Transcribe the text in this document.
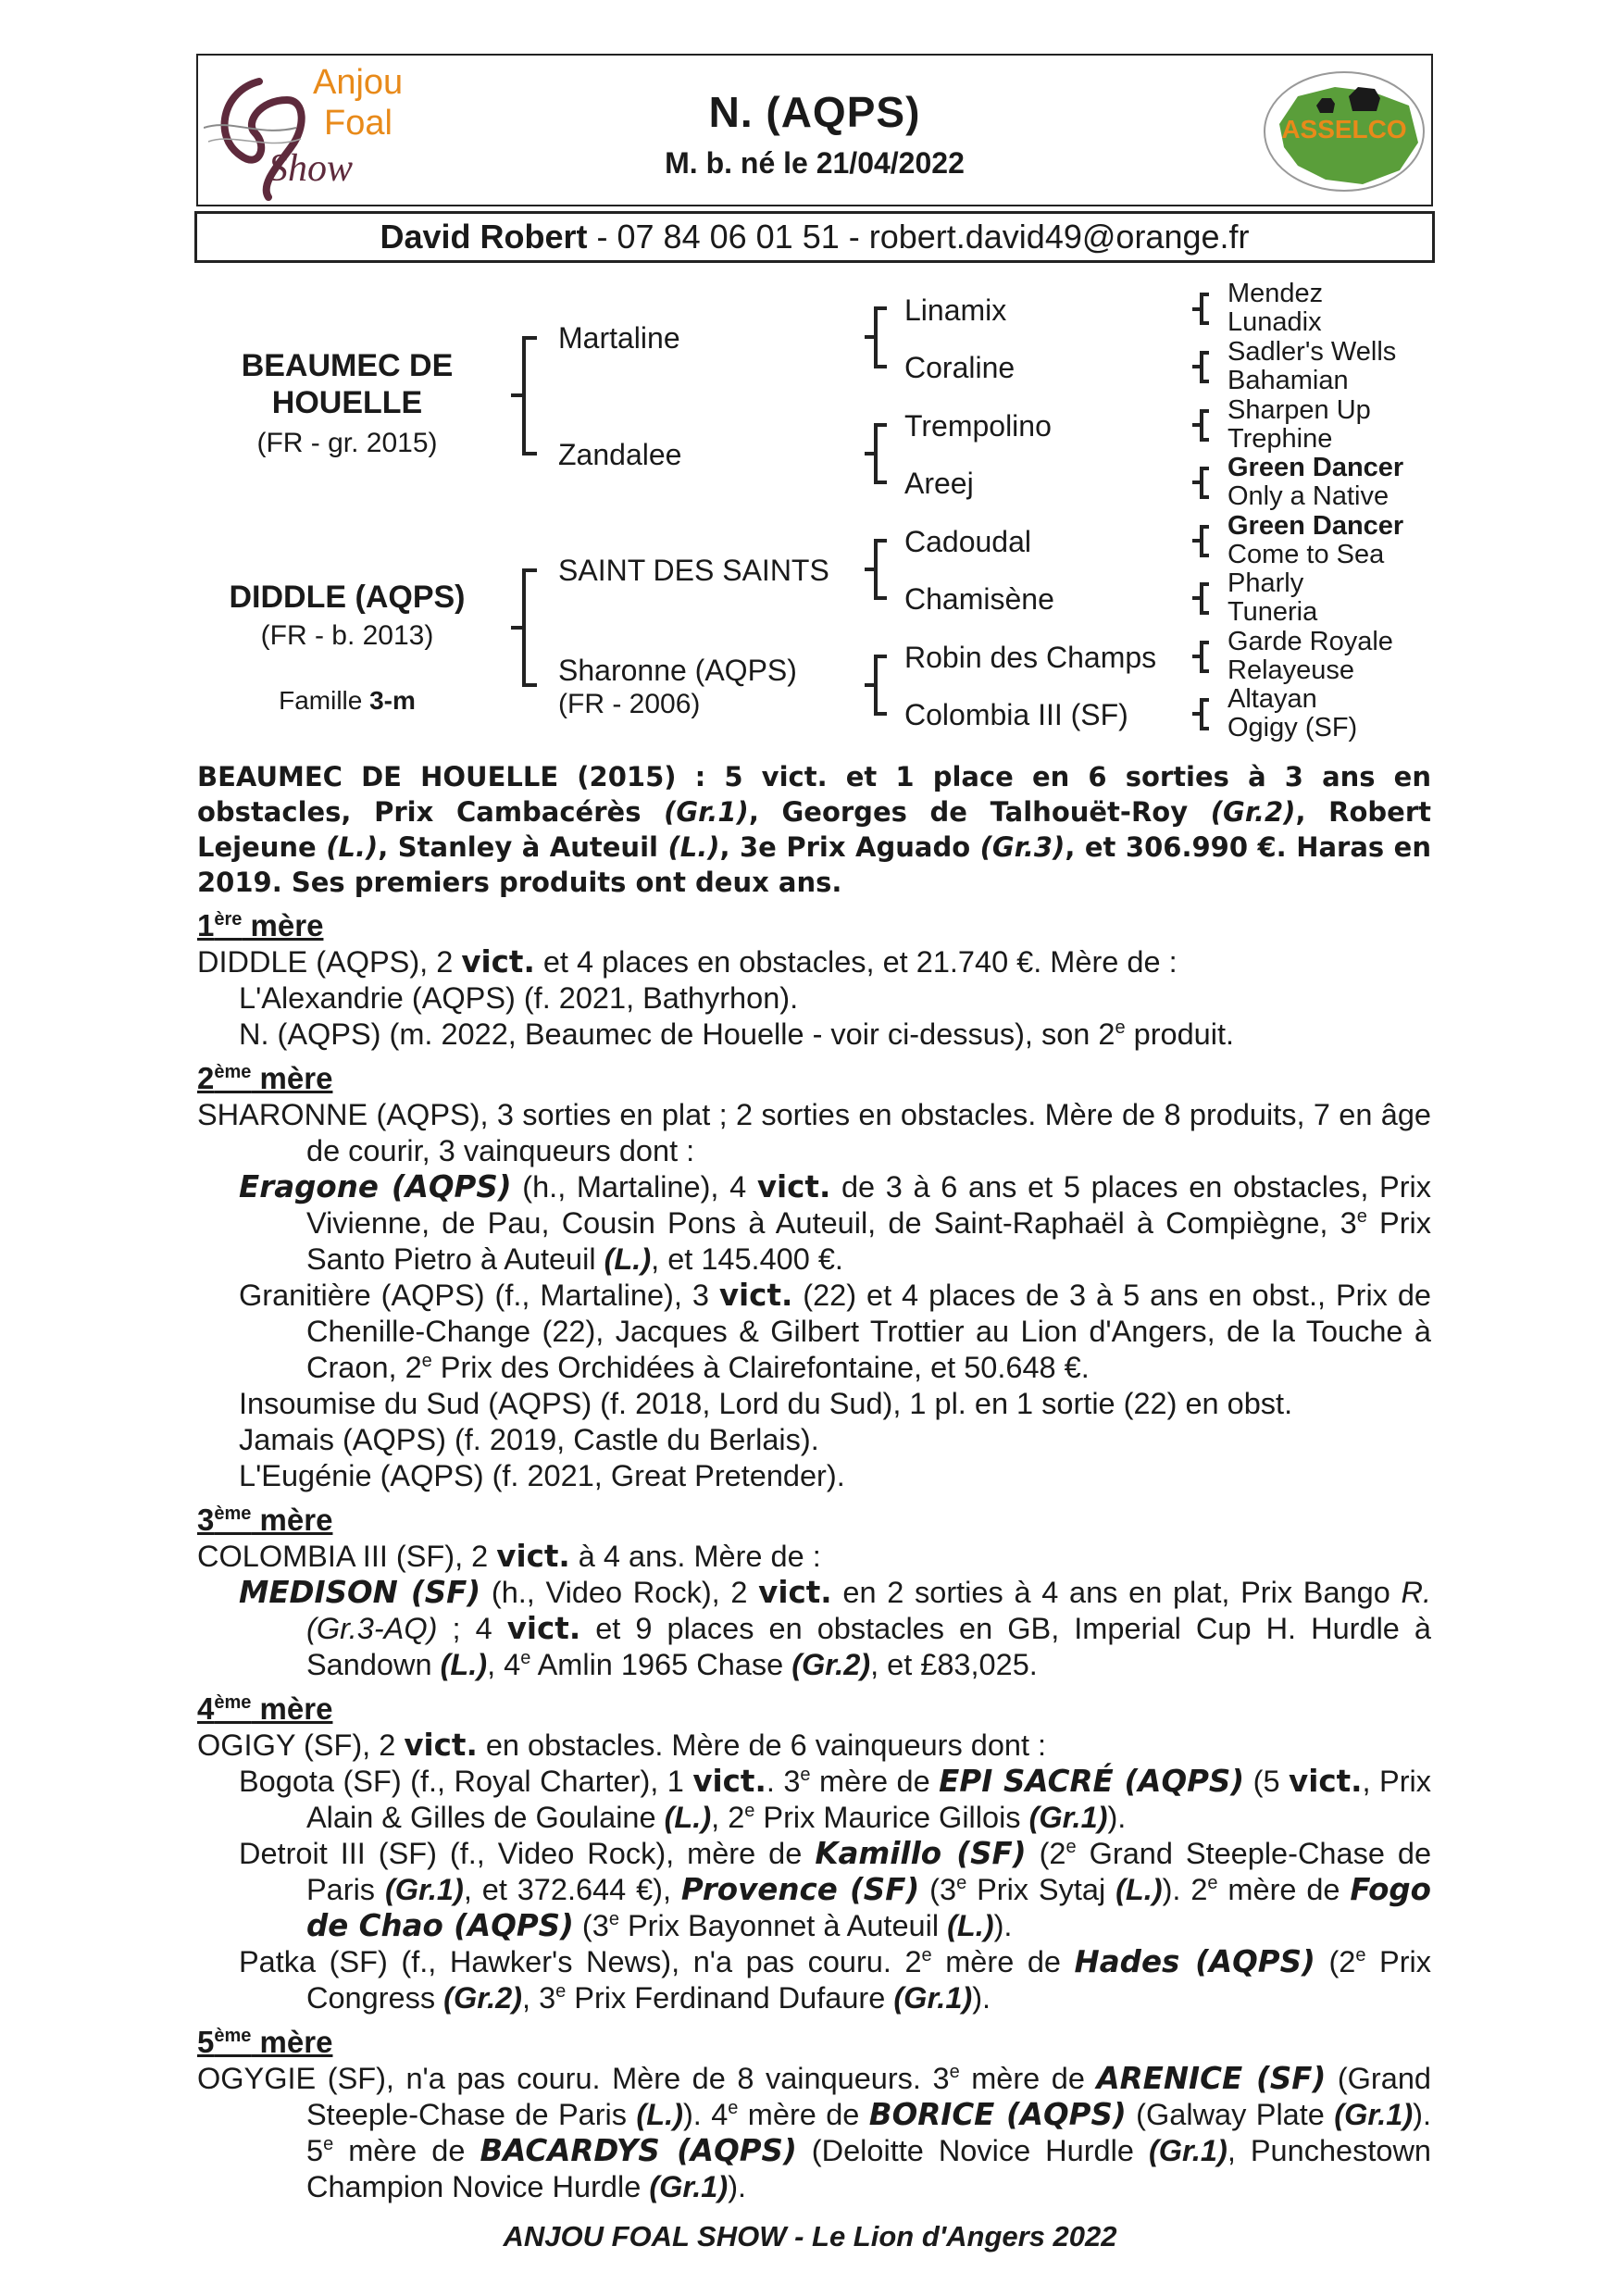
Anjou
Foal
Show
N. (AQPS)
M. b. né le 21/04/2022
ASSELCO
David Robert - 07 84 06 01 51 - robert.david49@orange.fr
BEAUMEC DE
HOUELLE
(FR - gr. 2015)
DIDDLE (AQPS)
(FR - b. 2013)
Famille 3-m
Martaline
Zandalee
SAINT DES SAINTS
Sharonne (AQPS)
(FR - 2006)
Linamix
Coraline
Trempolino
Areej
Cadoudal
Chamisène
Robin des Champs
Colombia III (SF)
Mendez
Lunadix
Sadler's Wells
Bahamian
Sharpen Up
Trephine
Green Dancer
Only a Native
Green Dancer
Come to Sea
Pharly
Tuneria
Garde Royale
Relayeuse
Altayan
Ogigy (SF)
BEAUMEC DE HOUELLE (2015) : 5 vict. et 1 place en 6 sorties à 3 ans en obstacles, Prix Cambacérès (Gr.1), Georges de Talhouët-Roy (Gr.2), Robert Lejeune (L.), Stanley à Auteuil (L.), 3e Prix Aguado (Gr.3), et 306.990 €. Haras en 2019. Ses premiers produits ont deux ans.
1ère mère

DIDDLE (AQPS), 2 vict. et 4 places en obstacles, et 21.740 €. Mère de :

L'Alexandrie (AQPS) (f. 2021, Bathyrhon).

N. (AQPS) (m. 2022, Beaumec de Houelle - voir ci-dessus), son 2e produit.

2ème mère

SHARONNE (AQPS), 3 sorties en plat ; 2 sorties en obstacles. Mère de 8 produits, 7 en âge de courir, 3 vainqueurs dont :

Eragone (AQPS) (h., Martaline), 4 vict. de 3 à 6 ans et 5 places en obstacles, Prix Vivienne, de Pau, Cousin Pons à Auteuil, de Saint-Raphaël à Compiègne, 3e Prix Santo Pietro à Auteuil (L.), et 145.400 €.

Granitière (AQPS) (f., Martaline), 3 vict. (22) et 4 places de 3 à 5 ans en obst., Prix de Chenille-Change (22), Jacques & Gilbert Trottier au Lion d'Angers, de la Touche à Craon, 2e Prix des Orchidées à Clairefontaine, et 50.648 €.

Insoumise du Sud (AQPS) (f. 2018, Lord du Sud), 1 pl. en 1 sortie (22) en obst.

Jamais (AQPS) (f. 2019, Castle du Berlais).

L'Eugénie (AQPS) (f. 2021, Great Pretender).

3ème mère

COLOMBIA III (SF), 2 vict. à 4 ans. Mère de :

MEDISON (SF) (h., Video Rock), 2 vict. en 2 sorties à 4 ans en plat, Prix Bango R. (Gr.3-AQ) ; 4 vict. et 9 places en obstacles en GB, Imperial Cup H. Hurdle à Sandown (L.), 4e Amlin 1965 Chase (Gr.2), et £83,025.

4ème mère

OGIGY (SF), 2 vict. en obstacles. Mère de 6 vainqueurs dont :

Bogota (SF) (f., Royal Charter), 1 vict.. 3e mère de EPI SACRÉ (AQPS) (5 vict., Prix Alain & Gilles de Goulaine (L.), 2e Prix Maurice Gillois (Gr.1)).

Detroit III (SF) (f., Video Rock), mère de Kamillo (SF) (2e Grand Steeple-Chase de Paris (Gr.1), et 372.644 €), Provence (SF) (3e Prix Sytaj (L.)). 2e mère de Fogo de Chao (AQPS) (3e Prix Bayonnet à Auteuil (L.)).

Patka (SF) (f., Hawker's News), n'a pas couru. 2e mère de Hades (AQPS) (2e Prix Congress (Gr.2), 3e Prix Ferdinand Dufaure (Gr.1)).

5ème mère

OGYGIE (SF), n'a pas couru. Mère de 8 vainqueurs. 3e mère de ARENICE (SF) (Grand Steeple-Chase de Paris (L.)). 4e mère de BORICE (AQPS) (Galway Plate (Gr.1)). 5e mère de BACARDYS (AQPS) (Deloitte Novice Hurdle (Gr.1), Punchestown Champion Novice Hurdle (Gr.1)).

ANJOU FOAL SHOW - Le Lion d'Angers 2022
